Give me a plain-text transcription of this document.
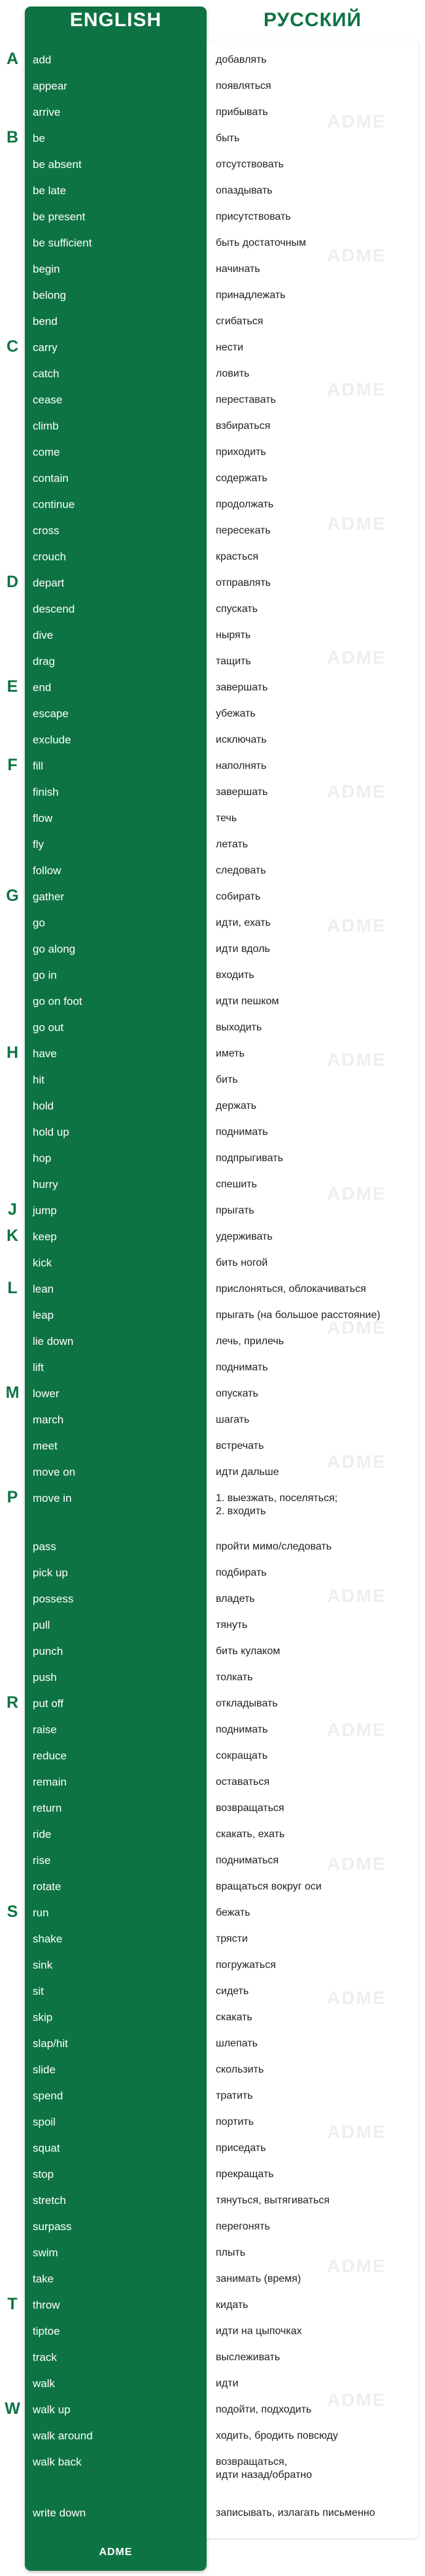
ENGLISH	РУССКИЙ
add	добавлять
appear	появляться
arrive	прибывать
be	быть
be absent	отсутствовать
be late	опаздывать
be present	присутствовать
be sufficient	быть достаточным
begin	начинать
belong	принадлежать
bend	сгибаться
carry	нести
catch	ловить
cease	переставать
climb	взбираться
come	приходить
contain	содержать
continue	продолжать
cross	пересекать
crouch	красться
depart	отправлять
descend	спускать
dive	нырять
drag	тащить
end	завершать
escape	убежать
exclude	исключать
fill	наполнять
finish	завершать
flow	течь
fly	летать
follow	следовать
gather	собирать
go	идти, ехать
go along	идти вдоль
go in	входить
go on foot	идти пешком
go out	выходить
have	иметь
hit	бить
hold	держать
hold up	поднимать
hop	подпрыгивать
hurry	спешить
jump	прыгать
keep	удерживать
kick	бить ногой
lean	прислоняться, облокачиваться
leap	прыгать (на большое расстояние)
lie down	лечь, прилечь
lift	поднимать
lower	опускать
march	шагать
meet	встречать
move on	идти дальше
move in	1. выезжать, поселяться;
2. входить
pass	пройти мимо/следовать
pick up	подбирать
possess	владеть
pull	тянуть
punch	бить кулаком
push	толкать
put off	откладывать
raise	поднимать
reduce	сокращать
remain	оставаться
return	возвращаться
ride	скакать, ехать
rise	подниматься
rotate	вращаться вокруг оси
run	бежать
shake	трясти
sink	погружаться
sit	сидеть
skip	скакать
slap/hit	шлепать
slide	скользить
spend	тратить
spoil	портить
squat	приседать
stop	прекращать
stretch	тянуться, вытягиваться
surpass	перегонять
swim	плыть
take	занимать (время)
throw	кидать
tiptoe	идти на цыпочках
track	выслеживать
walk	идти
walk up	подойти, подходить
walk around	ходить, бродить повсюду
walk back	возвращаться,
идти назад/обратно
write down	записывать, излагать письменно
ADME
A
B
C
D
E
F
G
H
J
K
L
M
P
R
S
T
W
ADME
ADME
ADME
ADME
ADME
ADME
ADME
ADME
ADME
ADME
ADME
ADME
ADME
ADME
ADME
ADME
ADME
ADME
